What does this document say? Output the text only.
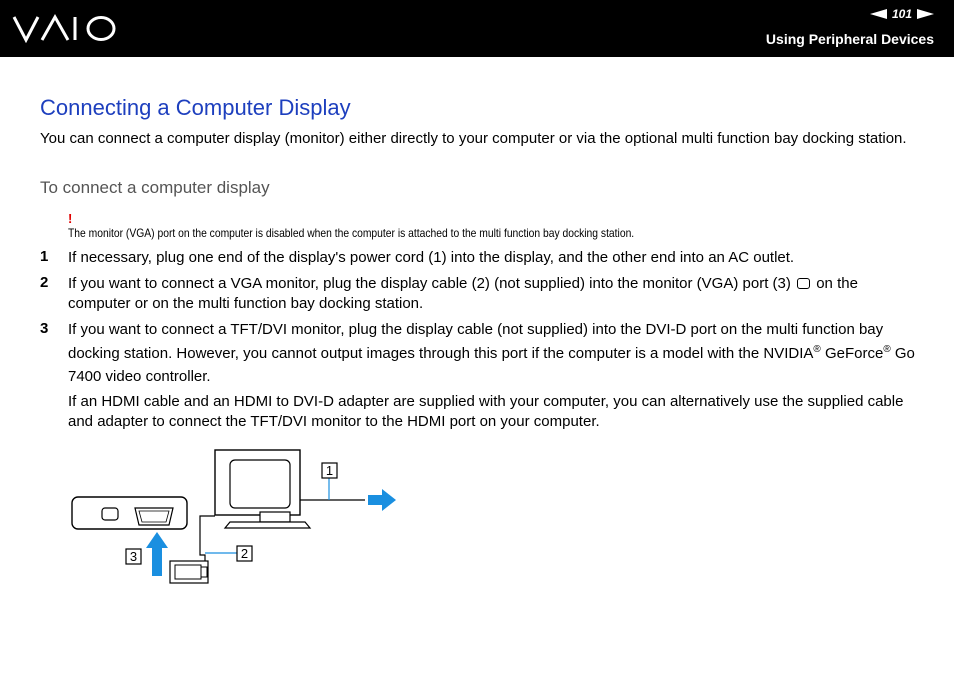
101
Using Peripheral Devices
Connecting a Computer Display
You can connect a computer display (monitor) either directly to your computer or via the optional multi function bay docking station.
To connect a computer display
!
The monitor (VGA) port on the computer is disabled when the computer is attached to the multi function bay docking station.
1 If necessary, plug one end of the display's power cord (1) into the display, and the other end into an AC outlet.
2 If you want to connect a VGA monitor, plug the display cable (2) (not supplied) into the monitor (VGA) port (3) on the computer or on the multi function bay docking station.
3 If you want to connect a TFT/DVI monitor, plug the display cable (not supplied) into the DVI-D port on the multi function bay docking station. However, you cannot output images through this port if the computer is a model with the NVIDIA® GeForce® Go 7400 video controller.
If an HDMI cable and an HDMI to DVI-D adapter are supplied with your computer, you can alternatively use the supplied cable and adapter to connect the TFT/DVI monitor to the HDMI port on your computer.
1
2
3
